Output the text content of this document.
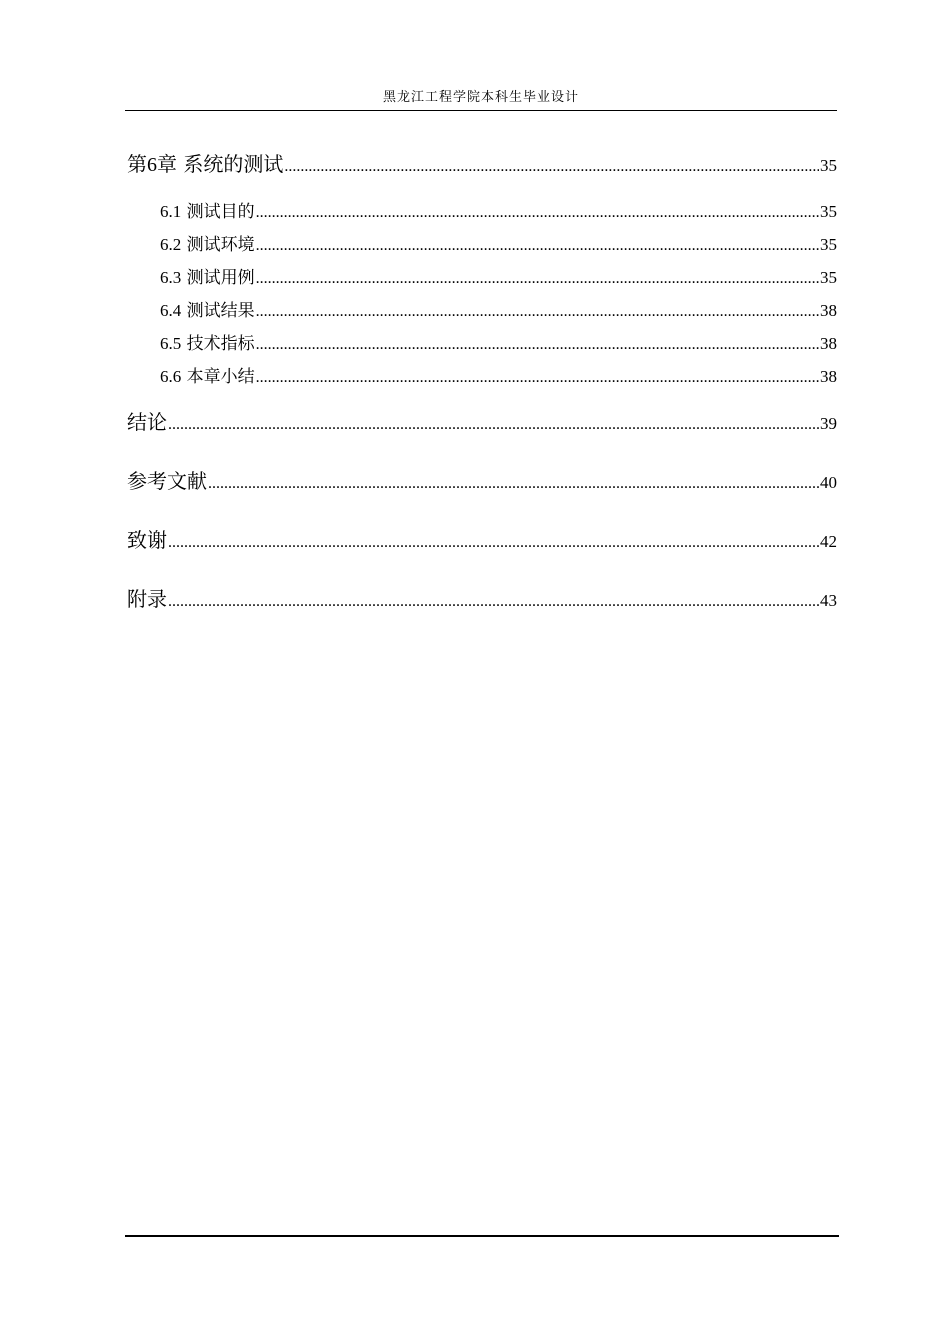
黑龙江工程学院本科生毕业设计
第6章 系统的测试 .....	35
6.1 测试目的 .....	35
6.2 测试环境 .....	35
6.3 测试用例 .....	35
6.4 测试结果 .....	38
6.5 技术指标 .....	38
6.6 本章小结 .....	38
结论 .....	39
参考文献 .....	40
致谢 .....	42
附录 .....	43
